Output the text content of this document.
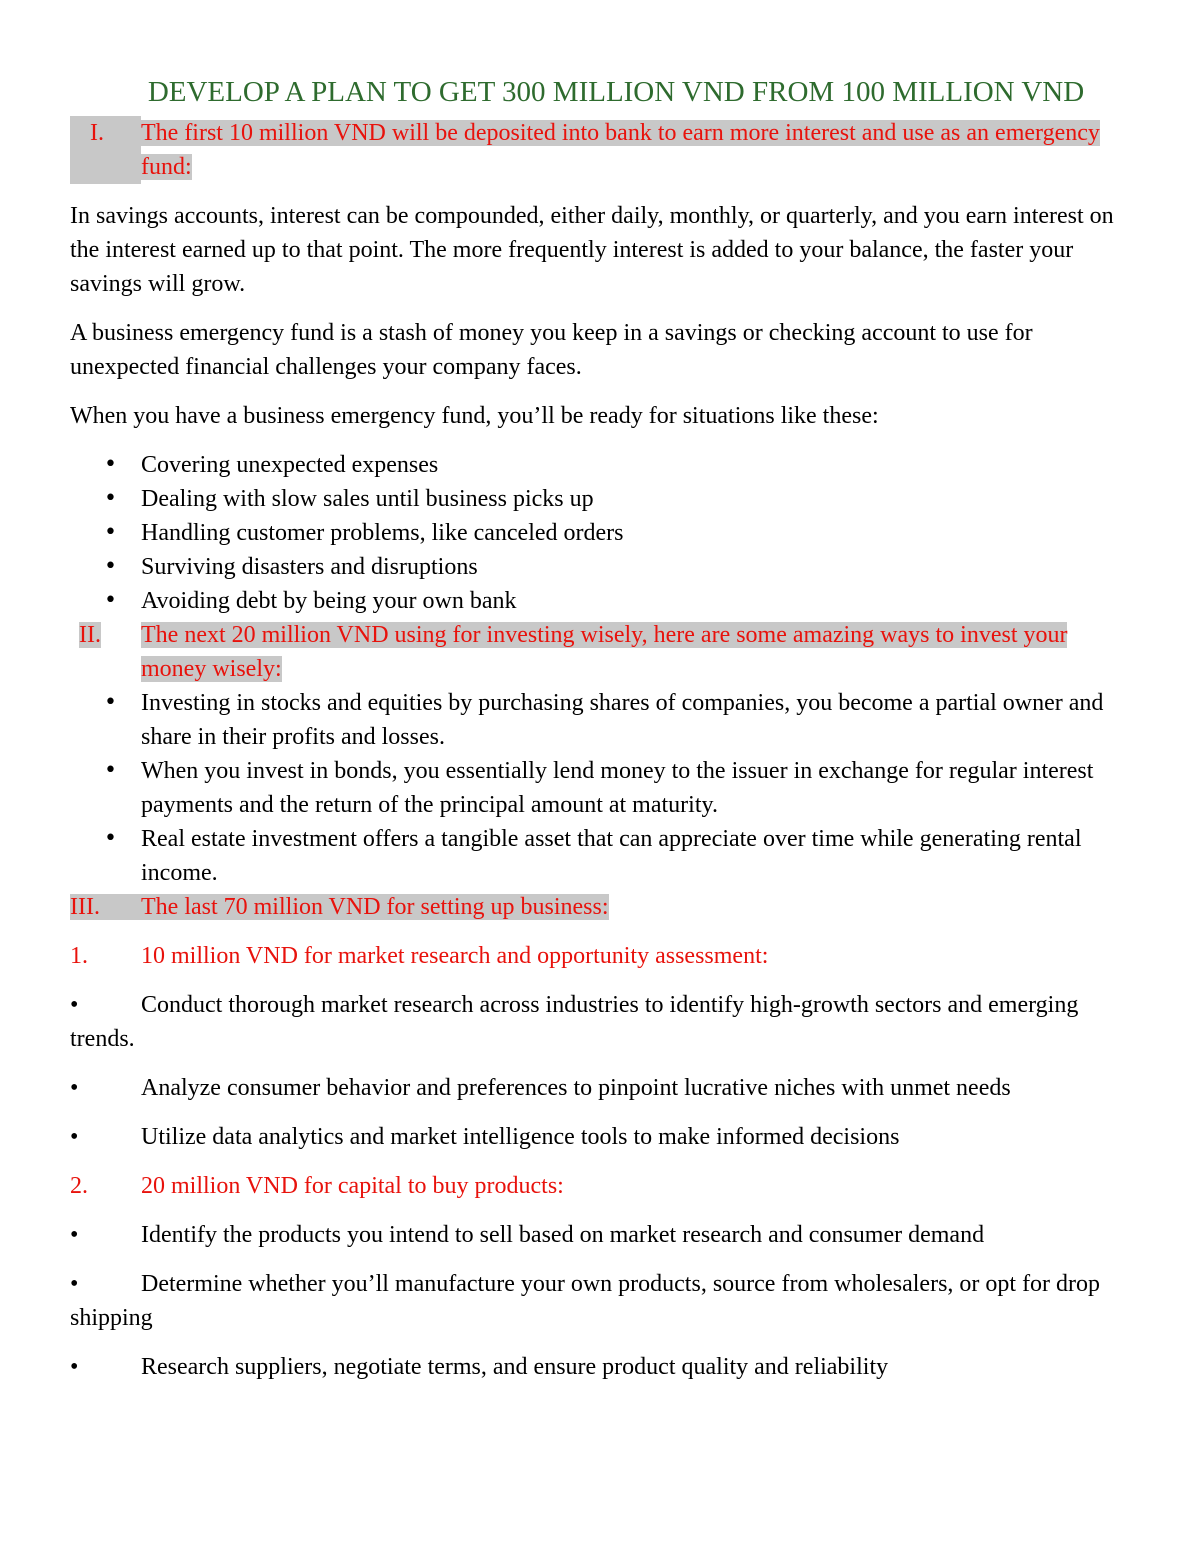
DEVELOP A PLAN TO GET 300 MILLION VND FROM 100 MILLION VND
I.	The first 10 million VND will be deposited into bank to earn more interest and use as an emergency fund:

In savings accounts, interest can be compounded, either daily, monthly, or quarterly, and you earn interest on the interest earned up to that point. The more frequently interest is added to your balance, the faster your savings will grow.

A business emergency fund is a stash of money you keep in a savings or checking account to use for unexpected financial challenges your company faces.

When you have a business emergency fund, you’ll be ready for situations like these:

• Covering unexpected expenses
• Dealing with slow sales until business picks up
• Handling customer problems, like canceled orders
• Surviving disasters and disruptions
• Avoiding debt by being your own bank
II.	The next 20 million VND using for investing wisely, here are some amazing ways to invest your money wisely:
• Investing in stocks and equities by purchasing shares of companies, you become a partial owner and share in their profits and losses.
• When you invest in bonds, you essentially lend money to the issuer in exchange for regular interest payments and the return of the principal amount at maturity.
• Real estate investment offers a tangible asset that can appreciate over time while generating rental income.
III. The last 70 million VND for setting up business:
1.	10 million VND for market research and opportunity assessment:

•	Conduct thorough market research across industries to identify high-growth sectors and emerging trends.

•	Analyze consumer behavior and preferences to pinpoint lucrative niches with unmet needs

•	Utilize data analytics and market intelligence tools to make informed decisions

2.	20 million VND for capital to buy products:

•	Identify the products you intend to sell based on market research and consumer demand

•	Determine whether you’ll manufacture your own products, source from wholesalers, or opt for drop shipping

•	Research suppliers, negotiate terms, and ensure product quality and reliability
